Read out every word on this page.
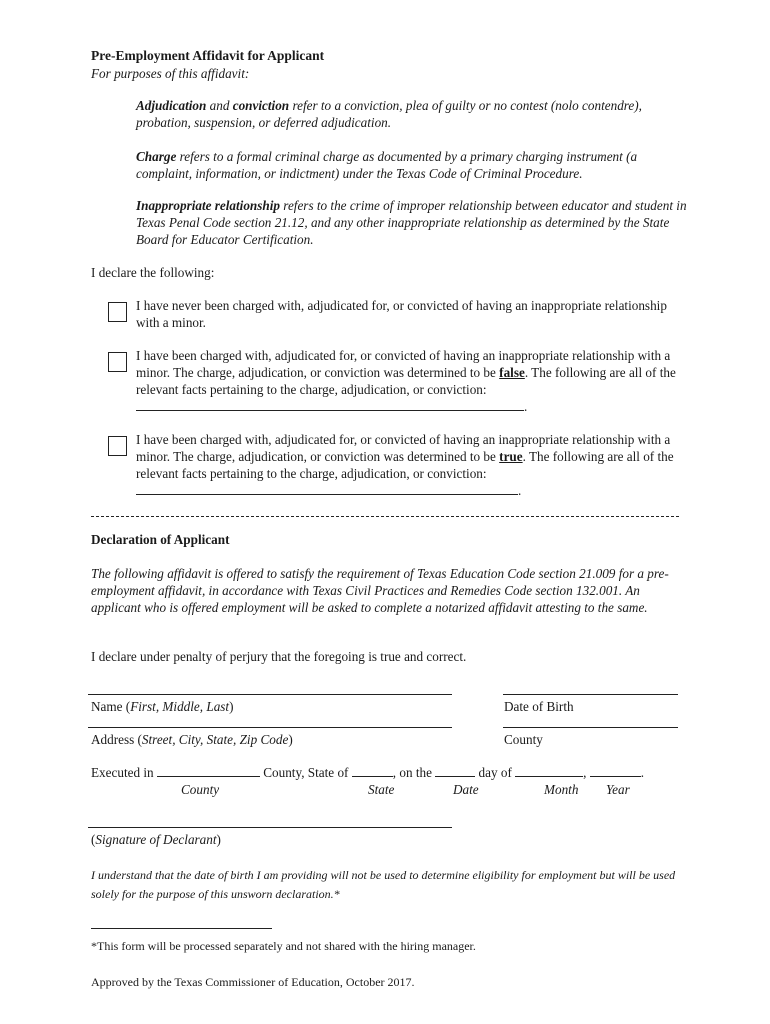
Pre-Employment Affidavit for Applicant
For purposes of this affidavit:
Adjudication and conviction refer to a conviction, plea of guilty or no contest (nolo contendre), probation, suspension, or deferred adjudication.
Charge refers to a formal criminal charge as documented by a primary charging instrument (a complaint, information, or indictment) under the Texas Code of Criminal Procedure.
Inappropriate relationship refers to the crime of improper relationship between educator and student in Texas Penal Code section 21.12, and any other inappropriate relationship as determined by the State Board for Educator Certification.
I declare the following:
I have never been charged with, adjudicated for, or convicted of having an inappropriate relationship with a minor.
I have been charged with, adjudicated for, or convicted of having an inappropriate relationship with a minor. The charge, adjudication, or conviction was determined to be false. The following are all of the relevant facts pertaining to the charge, adjudication, or conviction: .
I have been charged with, adjudicated for, or convicted of having an inappropriate relationship with a minor. The charge, adjudication, or conviction was determined to be true. The following are all of the relevant facts pertaining to the charge, adjudication, or conviction: .
Declaration of Applicant
The following affidavit is offered to satisfy the requirement of Texas Education Code section 21.009 for a pre-employment affidavit, in accordance with Texas Civil Practices and Remedies Code section 132.001. An applicant who is offered employment will be asked to complete a notarized affidavit attesting to the same.
I declare under penalty of perjury that the foregoing is true and correct.
Name (First, Middle, Last)	Date of Birth
Address (Street, City, State, Zip Code)	County
Executed in	County, State of	, on the	day of	,	.
County	State	Date	Month Year
(Signature of Declarant)
I understand that the date of birth I am providing will not be used to determine eligibility for employment but will be used solely for the purpose of this unsworn declaration.*
*This form will be processed separately and not shared with the hiring manager.
Approved by the Texas Commissioner of Education, October 2017.
